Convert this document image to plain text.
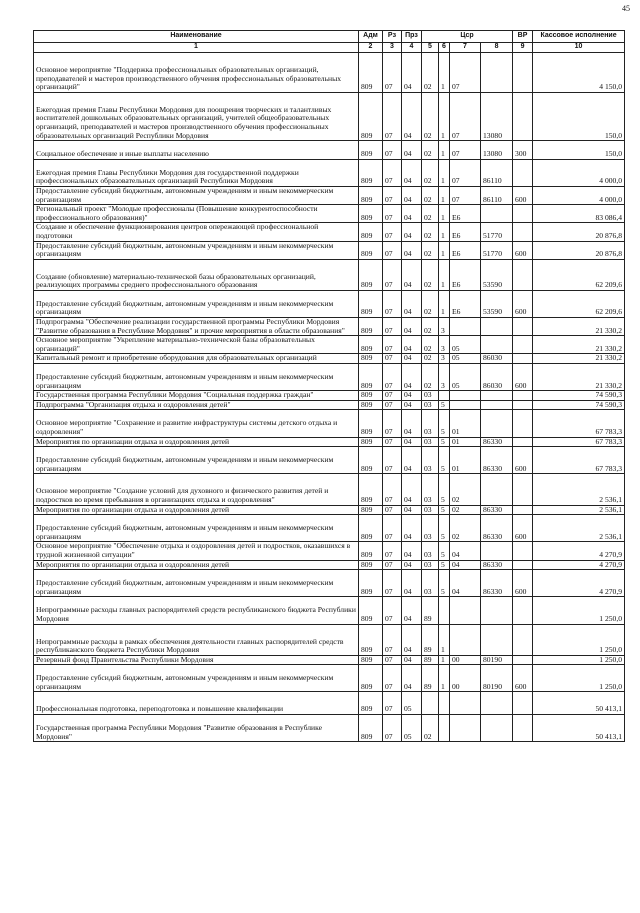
45
Наименование	Адм	Рз	Прз	Цср				ВР	Кассовое исполнение
1	2	3	4	5	6	7	8	9	10
Основное мероприятие "Поддержка профессиональных образовательных организаций, преподавателей и мастеров производственного обучения профессиональных образовательных организаций"	809	07	04	02	1	07			4 150,0
Ежегодная премия Главы Республики Мордовия для поощрения творческих и талантливых воспитателей дошкольных образовательных организаций, учителей общеобразовательных организаций, преподавателей и мастеров производственного обучения профессиональных образовательных организаций Республики Мордовия	809	07	04	02	1	07	13080		150,0
Социальное обеспечение и иные выплаты населению	809	07	04	02	1	07	13080	300	150,0
Ежегодная премия Главы Республики Мордовия для государственной поддержки профессиональных образовательных организаций Республики Мордовия	809	07	04	02	1	07	86110		4 000,0
Предоставление субсидий бюджетным, автономным учреждениям и иным некоммерческим организациям	809	07	04	02	1	07	86110	600	4 000,0
Региональный проект "Молодые профессионалы (Повышение конкурентоспособности профессионального образования)"	809	07	04	02	1	E6			83 086,4
Создание и обеспечение функционирования центров опережающей профессиональной подготовки	809	07	04	02	1	E6	51770		20 876,8
Предоставление субсидий бюджетным, автономным учреждениям и иным некоммерческим организациям	809	07	04	02	1	E6	51770	600	20 876,8
Создание (обновление) материально-технической базы образовательных организаций, реализующих программы среднего профессионального образования	809	07	04	02	1	E6	53590		62 209,6
Предоставление субсидий бюджетным, автономным учреждениям и иным некоммерческим организациям	809	07	04	02	1	E6	53590	600	62 209,6
Подпрограмма "Обеспечение реализации государственной программы Республики Мордовия "Развитие образования в Республике Мордовия" и прочие мероприятия в области образования"	809	07	04	02	3				21 330,2
Основное мероприятие "Укрепление материально-технической базы образовательных организаций"	809	07	04	02	3	05			21 330,2
Капитальный ремонт и приобретение оборудования для образовательных организаций	809	07	04	02	3	05	86030		21 330,2
Предоставление субсидий бюджетным, автономным учреждениям и иным некоммерческим организациям	809	07	04	02	3	05	86030	600	21 330,2
Государственная программа Республики Мордовия "Социальная поддержка граждан"	809	07	04	03					74 590,3
Подпрограмма "Организация отдыха и оздоровления детей"	809	07	04	03	5				74 590,3
Основное мероприятие "Сохранение и развитие инфраструктуры системы детского отдыха и оздоровления"	809	07	04	03	5	01			67 783,3
Мероприятия по организации отдыха и оздоровления детей	809	07	04	03	5	01	86330		67 783,3
Предоставление субсидий бюджетным, автономным учреждениям и иным некоммерческим организациям	809	07	04	03	5	01	86330	600	67 783,3
Основное мероприятие "Создание условий для духовного и физического развития детей и подростков во время пребывания в организациях отдыха и оздоровления"	809	07	04	03	5	02			2 536,1
Мероприятия по организации отдыха и оздоровления детей	809	07	04	03	5	02	86330		2 536,1
Предоставление субсидий бюджетным, автономным учреждениям и иным некоммерческим организациям	809	07	04	03	5	02	86330	600	2 536,1
Основное мероприятие "Обеспечение отдыха и оздоровления детей и подростков, оказавшихся в трудной жизненной ситуации"	809	07	04	03	5	04			4 270,9
Мероприятия по организации отдыха и оздоровления детей	809	07	04	03	5	04	86330		4 270,9
Предоставление субсидий бюджетным, автономным учреждениям и иным некоммерческим организациям	809	07	04	03	5	04	86330	600	4 270,9
Непрограммные расходы главных распорядителей средств республиканского бюджета Республики Мордовия	809	07	04	89					1 250,0
Непрограммные расходы в рамках обеспечения деятельности главных распорядителей средств республиканского бюджета Республики Мордовия	809	07	04	89	1				1 250,0
Резервный фонд Правительства Республики Мордовия	809	07	04	89	1	00	80190		1 250,0
Предоставление субсидий бюджетным, автономным учреждениям и иным некоммерческим организациям	809	07	04	89	1	00	80190	600	1 250,0
Профессиональная подготовка, переподготовка и повышение квалификации	809	07	05						50 413,1
Государственная программа Республики Мордовия "Развитие образования в Республике Мордовия"	809	07	05	02					50 413,1
